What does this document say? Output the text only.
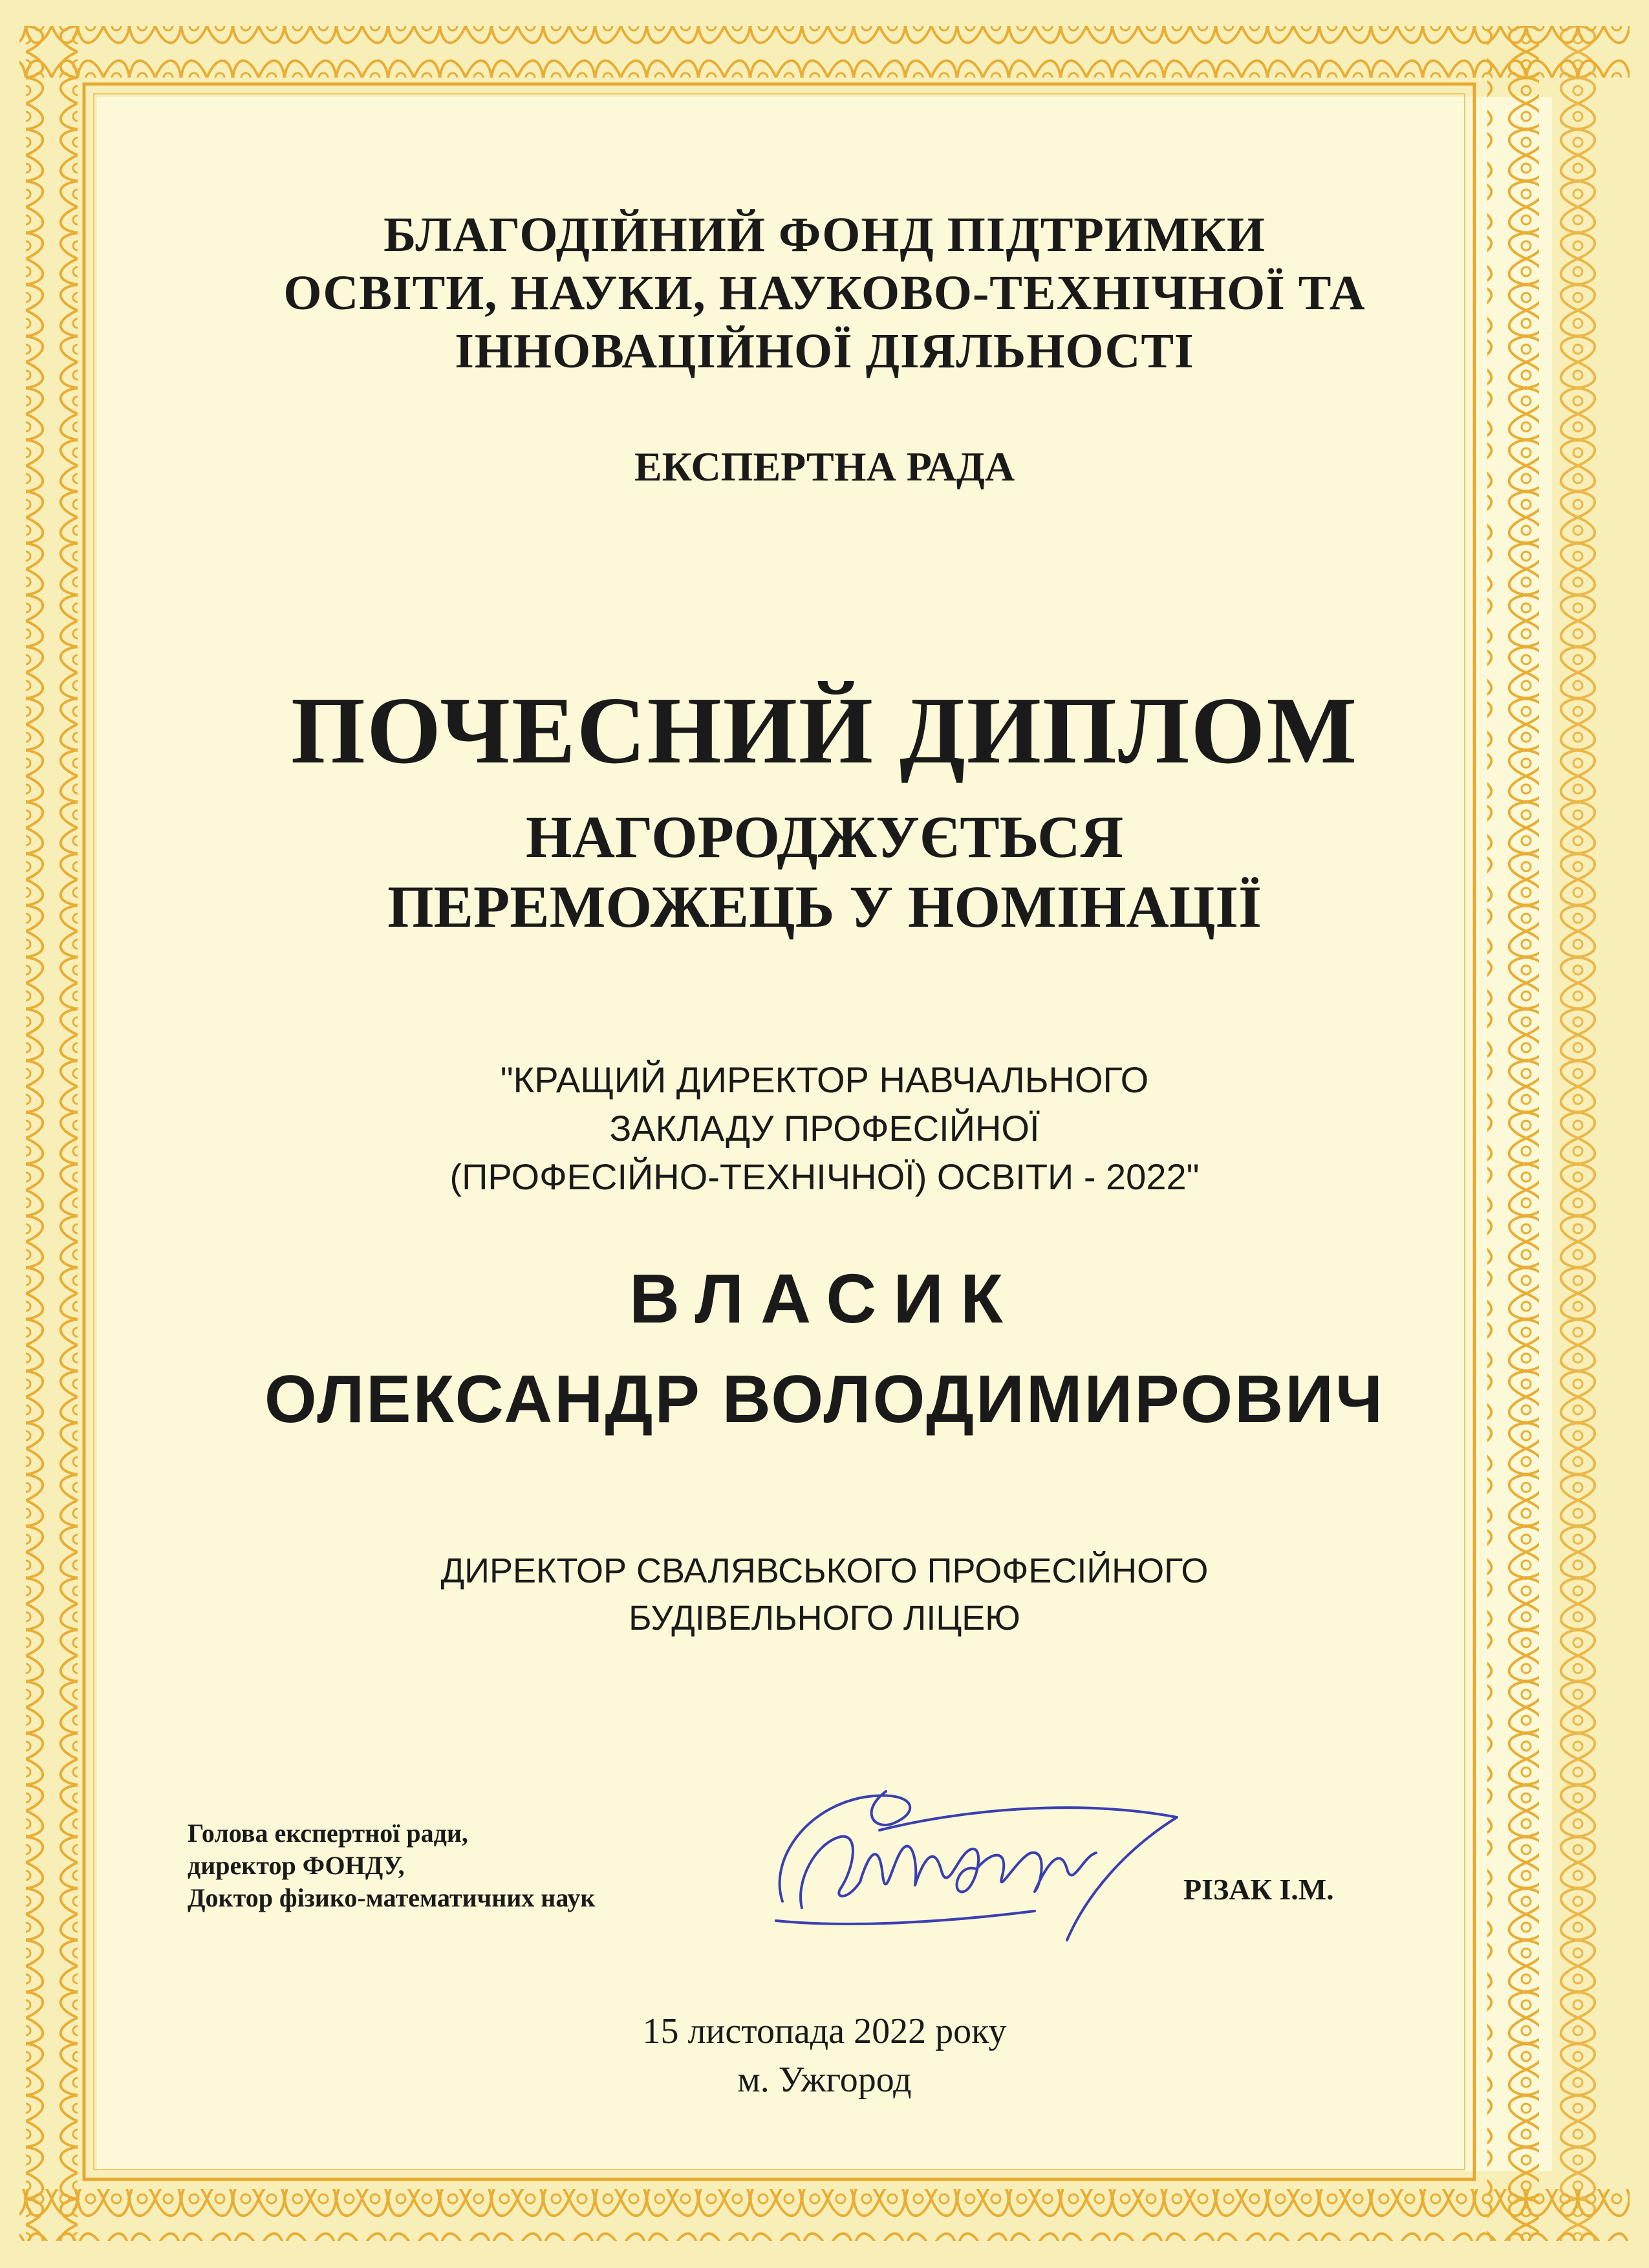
БЛАГОДІЙНИЙ ФОНД ПІДТРИМКИ
ОСВІТИ, НАУКИ, НАУКОВО-ТЕХНІЧНОЇ ТА
ІННОВАЦІЙНОЇ ДІЯЛЬНОСТІ
ЕКСПЕРТНА РАДА
ПОЧЕСНИЙ ДИПЛОМ
НАГОРОДЖУЄТЬСЯ
ПЕРЕМОЖЕЦЬ У НОМІНАЦІЇ
"КРАЩИЙ ДИРЕКТОР НАВЧАЛЬНОГО
ЗАКЛАДУ ПРОФЕСІЙНОЇ
(ПРОФЕСІЙНО-ТЕХНІЧНОЇ) ОСВІТИ - 2022"
ВЛАСИК
ОЛЕКСАНДР ВОЛОДИМИРОВИЧ
ДИРЕКТОР СВАЛЯВСЬКОГО ПРОФЕСІЙНОГО
БУДІВЕЛЬНОГО ЛІЦЕЮ
Голова експертної ради,
директор ФОНДУ,
Доктор фізико-математичних наук	РІЗАК І.М.
15 листопада 2022 року
м. Ужгород
